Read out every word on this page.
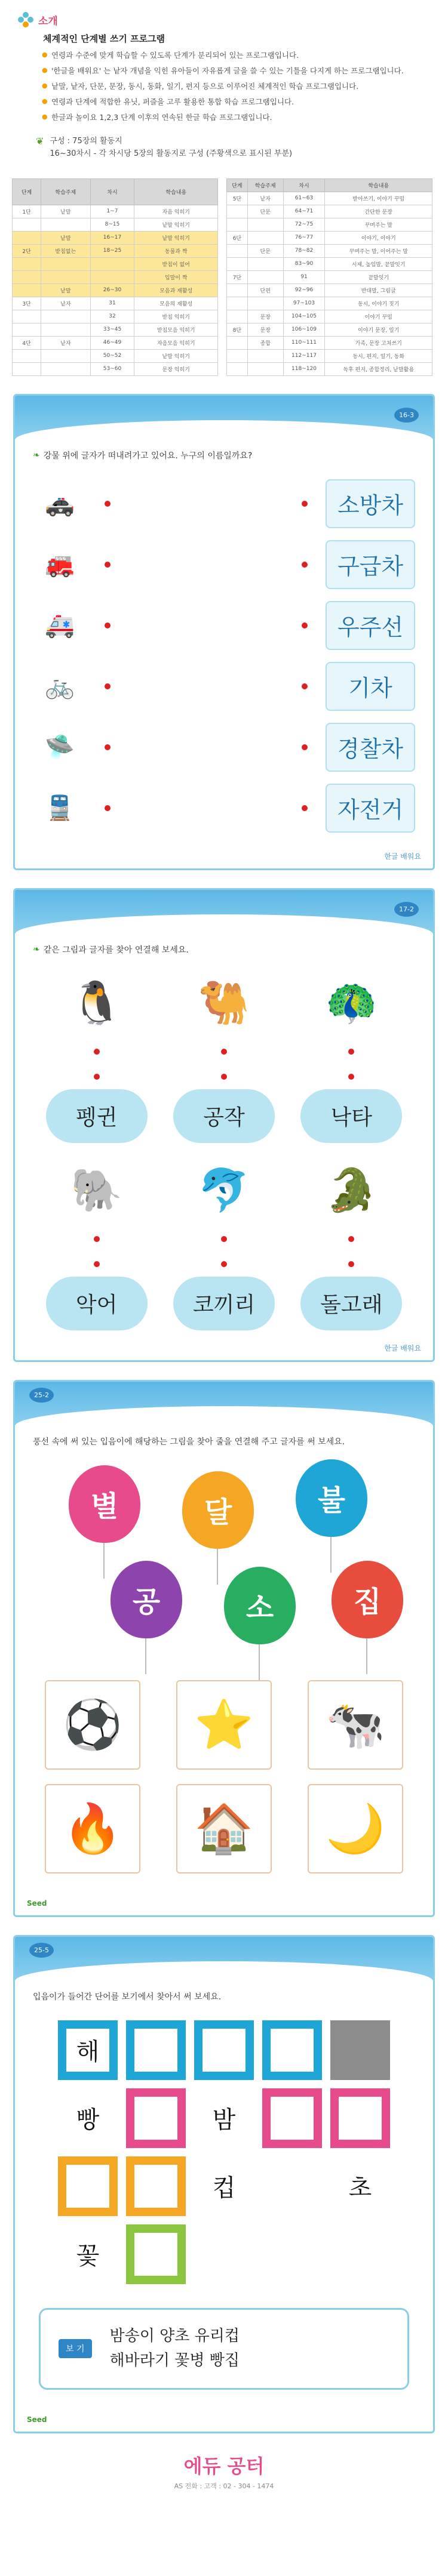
소개
체계적인 단계별 쓰기 프로그램
● 연령과 수준에 맞게 학습할 수 있도록 단계가 분리되어 있는 프로그램입니다.
● '한글을 배워요' 는 낱자 개념을 익힌 유아들이 자유롭게 글을 쓸 수 있는 기틀을 다지게 하는 프로그램입니다.
● 낱말, 낱자, 단문, 문장, 동시, 동화, 일기, 편지 등으로 이루어진 체계적인 학습 프로그램입니다.
● 연령과 단계에 적합한 유닛, 퍼즐을 고루 활용한 통합 학습 프로그램입니다.
● 한글과 놀이요 1,2,3 단계 이후의 연속된 한글 학습 프로그램입니다.
❦ 구성 : 75장의 활동지

16~30차시 - 각 차시당 5장의 활동지로 구성 (주황색으로 표시된 부분)

단계	학습주제	차시	학습내용
1단	낱말	1~7	자음 익히기
		8~15	낱말 익히기
	낱말	16~17	낱말 익히기
2단	받침없는	18~25	동물과 짝
			받침이 없어
			입말이 짝
	낱말	26~30	모음과 재활성
3단	낱자	31	모음의 재활성
		32	받침 익히기
		33~45	받침모음 익히기
4단	낱자	46~49	자음모음 익히기
		50~52	낱말 익히기
		53~60	문장 익히기
단계	학습주제	차시	학습내용
5단	낱자	61~63	받아쓰기, 이야기 꾸밈
	단문	64~71	간단한 문장
		72~75	꾸며주는 말
6단		76~77	이야기, 이야기
	단문	78~82	꾸며주는 말, 이어주는 말
		83~90	시제, 높임말, 끝말잇기
7단		91	끝말잇기
	단편	92~96	반대말, 그림글
		97~103	동시, 이야기 짓기
	문장	104~105	이야기 꾸밈
8단	문장	106~109	이야기 문장, 일기
	종합	110~111	가족, 문장 고쳐쓰기
		112~117	동시, 편지, 일기, 동화
		118~120	독후 편지, 종합정리, 낱말활용
16-3
❧ 강물 위에 글자가 떠내려가고 있어요. 누구의 이름일까요?
🚓	소방차
🚒	구급차
🚑	우주선
🚲	기차
🛸	경찰차
🚆	자전거
한글 배워요
17-2
❧ 같은 그림과 글자를 찾아 연결해 보세요.
🐧
펭귄
🐫
공작
🦚
낙타
🐘
악어
🐬
코끼리
🐊
돌고래
한글 배워요
25-2
풍선 속에 써 있는 입음이에 해당하는 그림을 찾아 줄을 연결해 주고 글자를 써 보세요.
별	달	불
공	소	집
⚽	⭐	🐄
🔥	🏠	🌙
Seed
25-5
입음이가 들어간 단어를 보기에서 찾아서 써 보세요.
해
빵	밤
컵	초
꽃
보 기
밤송이 양초 유리컵
해바라기 꽃병 빵집
Seed
에듀 공터
AS 전화 : 고객 : 02 - 304 - 1474
